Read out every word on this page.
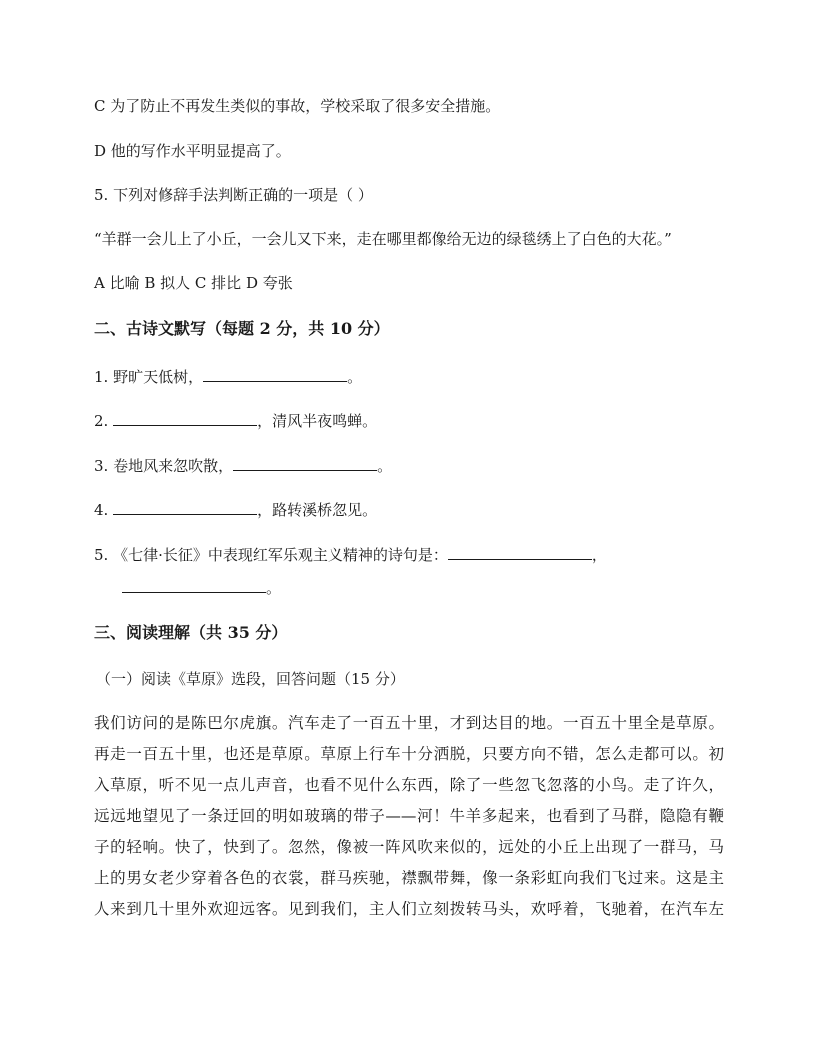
C 为了防止不再发生类似的事故，学校采取了很多安全措施。
D 他的写作水平明显提高了。
5. 下列对修辞手法判断正确的一项是（ ）
“羊群一会儿上了小丘，一会儿又下来，走在哪里都像给无边的绿毯绣上了白色的大花。”
A 比喻 B 拟人 C 排比 D 夸张
二、古诗文默写（每题 2 分，共 10 分）
1. 野旷天低树，	。
2.	，清风半夜鸣蝉。
3. 卷地风来忽吹散，	。
4.	，路转溪桥忽见。
5. 《七律·长征》中表现红军乐观主义精神的诗句是：	，
。
三、阅读理解（共 35 分）
（一）阅读《草原》选段，回答问题（15 分）
我们访问的是陈巴尔虎旗。汽车走了一百五十里，才到达目的地。一百五十里全是草原。
再走一百五十里，也还是草原。草原上行车十分洒脱，只要方向不错，怎么走都可以。初
入草原，听不见一点儿声音，也看不见什么东西，除了一些忽飞忽落的小鸟。走了许久，
远远地望见了一条迂回的明如玻璃的带子——河！牛羊多起来，也看到了马群，隐隐有鞭
子的轻响。快了，快到了。忽然，像被一阵风吹来似的，远处的小丘上出现了一群马，马
上的男女老少穿着各色的衣裳，群马疾驰，襟飘带舞，像一条彩虹向我们飞过来。这是主
人来到几十里外欢迎远客。见到我们，主人们立刻拨转马头，欢呼着，飞驰着，在汽车左
